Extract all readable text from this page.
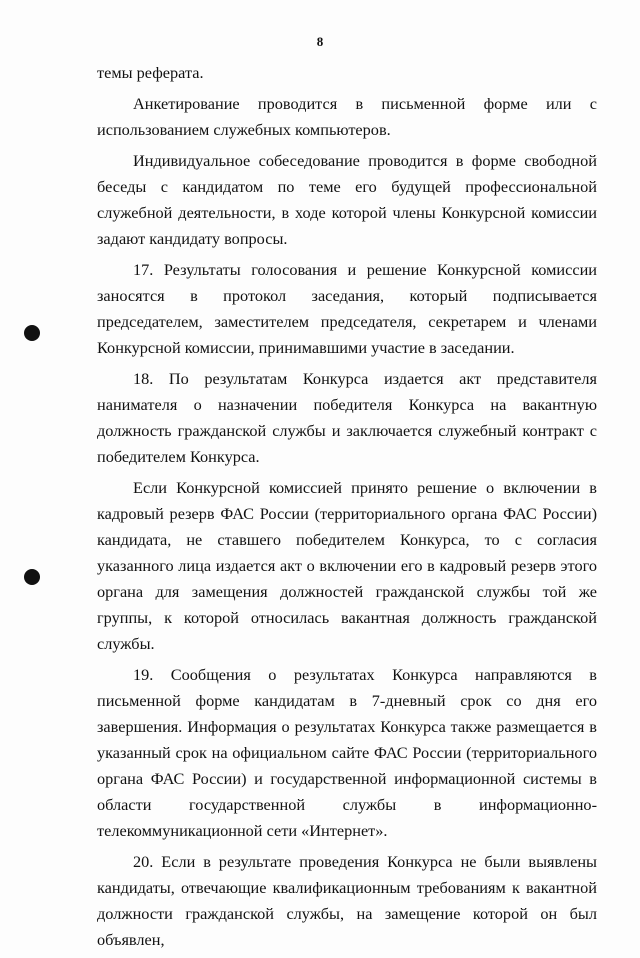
8

темы реферата.

Анкетирование проводится в письменной форме или с использованием служебных компьютеров.

Индивидуальное собеседование проводится в форме свободной беседы с кандидатом по теме его будущей профессиональной служебной деятельности, в ходе которой члены Конкурсной комиссии задают кандидату вопросы.

17. Результаты голосования и решение Конкурсной комиссии заносятся в протокол заседания, который подписывается председателем, заместителем председателя, секретарем и членами Конкурсной комиссии, принимавшими участие в заседании.

18. По результатам Конкурса издается акт представителя нанимателя о назначении победителя Конкурса на вакантную должность гражданской службы и заключается служебный контракт с победителем Конкурса.

Если Конкурсной комиссией принято решение о включении в кадровый резерв ФАС России (территориального органа ФАС России) кандидата, не ставшего победителем Конкурса, то с согласия указанного лица издается акт о включении его в кадровый резерв этого органа для замещения должностей гражданской службы той же группы, к которой относилась вакантная должность гражданской службы.

19. Сообщения о результатах Конкурса направляются в письменной форме кандидатам в 7-дневный срок со дня его завершения. Информация о результатах Конкурса также размещается в указанный срок на официальном сайте ФАС России (территориального органа ФАС России) и государственной информационной системы в области государственной службы в информационно-телекоммуникационной сети «Интернет».

20. Если в результате проведения Конкурса не были выявлены кандидаты, отвечающие квалификационным требованиям к вакантной должности гражданской службы, на замещение которой он был объявлен,
